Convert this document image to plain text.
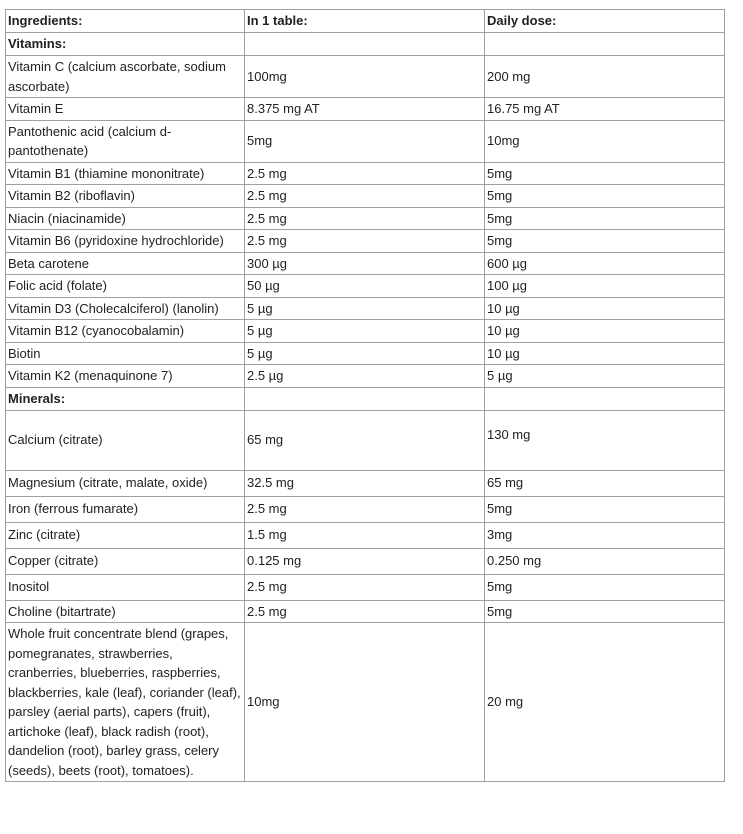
Ingredients:	In 1 table:	Daily dose:
Vitamins:		
Vitamin C (calcium ascorbate, sodium ascorbate)	100mg	200 mg
Vitamin E	8.375 mg AT	16.75 mg AT
Pantothenic acid (calcium d-pantothenate)	5mg	10mg
Vitamin B1 (thiamine mononitrate)	2.5 mg	5mg
Vitamin B2 (riboflavin)	2.5 mg	5mg
Niacin (niacinamide)	2.5 mg	5mg
Vitamin B6 (pyridoxine hydrochloride)	2.5 mg	5mg
Beta carotene	300 µg	600 µg
Folic acid (folate)	50 µg	100 µg
Vitamin D3 (Cholecalciferol) (lanolin)	5 µg	10 µg
Vitamin B12 (cyanocobalamin)	5 µg	10 µg
Biotin	5 µg	10 µg
Vitamin K2 (menaquinone 7)	2.5 µg	5 µg
Minerals:		
Calcium (citrate)	65 mg	130 mg
Magnesium (citrate, malate, oxide)	32.5 mg	65 mg
Iron (ferrous fumarate)	2.5 mg	5mg
Zinc (citrate)	1.5 mg	3mg
Copper (citrate)	0.125 mg	0.250 mg
Inositol	2.5 mg	5mg
Choline (bitartrate)	2.5 mg	5mg
Whole fruit concentrate blend (grapes, pomegranates, strawberries, cranberries, blueberries, raspberries, blackberries, kale (leaf), coriander (leaf), parsley (aerial parts), capers (fruit), artichoke (leaf), black radish (root), dandelion (root), barley grass, celery (seeds), beets (root), tomatoes).	10mg	20 mg
